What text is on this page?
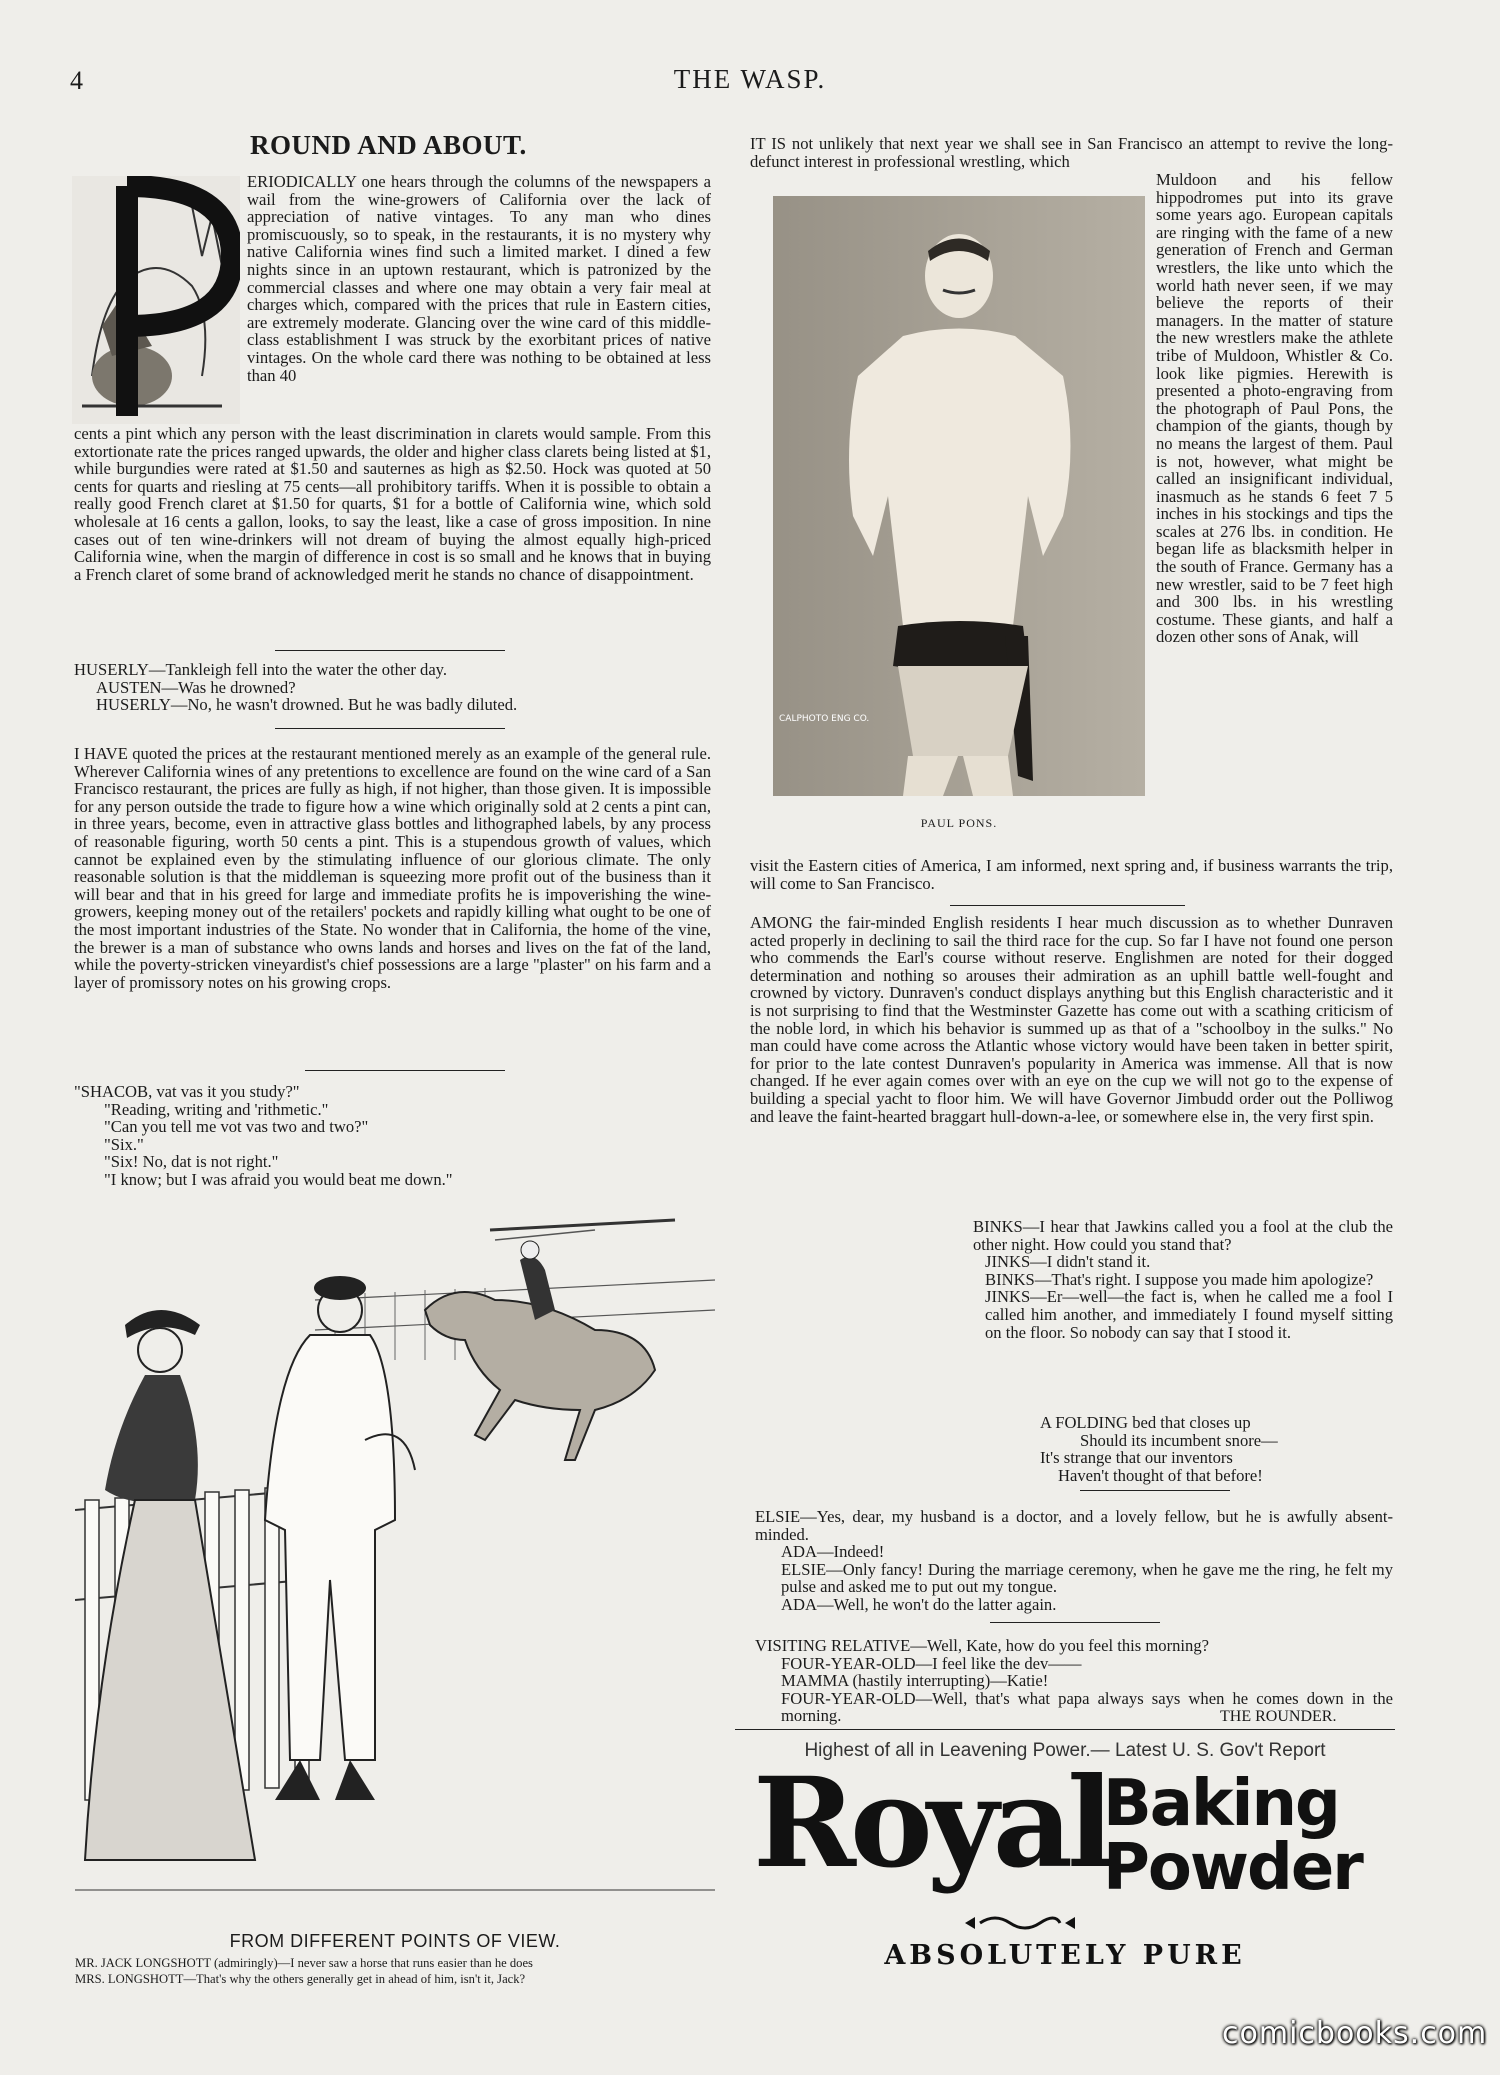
4	THE WASP.
ROUND AND ABOUT.

ERIODICALLY one hears through the columns of the newspapers a wail from the wine-growers of California over the lack of appreciation of native vintages. To any man who dines promiscuously, so to speak, in the restaurants, it is no mystery why native California wines find such a limited market. I dined a few nights since in an uptown restaurant, which is patronized by the commercial classes and where one may obtain a very fair meal at charges which, compared with the prices that rule in Eastern cities, are extremely moderate. Glancing over the wine card of this middle-class establishment I was struck by the exorbitant prices of native vintages. On the whole card there was nothing to be obtained at less than 40

cents a pint which any person with the least discrimination in clarets would sample. From this extortionate rate the prices ranged upwards, the older and higher class clarets being listed at $1, while burgundies were rated at $1.50 and sauternes as high as $2.50. Hock was quoted at 50 cents for quarts and riesling at 75 cents—all prohibitory tariffs. When it is possible to obtain a really good French claret at $1.50 for quarts, $1 for a bottle of California wine, which sold wholesale at 16 cents a gallon, looks, to say the least, like a case of gross imposition. In nine cases out of ten wine-drinkers will not dream of buying the almost equally high-priced California wine, when the margin of difference in cost is so small and he knows that in buying a French claret of some brand of acknowledged merit he stands no chance of disappointment.

HUSERLY—Tankleigh fell into the water the other day.

AUSTEN—Was he drowned?

HUSERLY—No, he wasn't drowned. But he was badly diluted.

I HAVE quoted the prices at the restaurant mentioned merely as an example of the general rule. Wherever California wines of any pretentions to excellence are found on the wine card of a San Francisco restaurant, the prices are fully as high, if not higher, than those given. It is impossible for any person outside the trade to figure how a wine which originally sold at 2 cents a pint can, in three years, become, even in attractive glass bottles and lithographed labels, by any process of reasonable figuring, worth 50 cents a pint. This is a stupendous growth of values, which cannot be explained even by the stimulating influence of our glorious climate. The only reasonable solution is that the middleman is squeezing more profit out of the business than it will bear and that in his greed for large and immediate profits he is impoverishing the wine-growers, keeping money out of the retailers' pockets and rapidly killing what ought to be one of the most important industries of the State. No wonder that in California, the home of the vine, the brewer is a man of substance who owns lands and horses and lives on the fat of the land, while the poverty-stricken vineyardist's chief possessions are a large "plaster" on his farm and a layer of promissory notes on his growing crops.

"SHACOB, vat vas it you study?"

"Reading, writing and 'rithmetic."

"Can you tell me vot vas two and two?"

"Six."

"Six! No, dat is not right."

"I know; but I was afraid you would beat me down."

FROM DIFFERENT POINTS OF VIEW.
MR. JACK LONGSHOTT (admiringly)—I never saw a horse that runs easier than he does
MRS. LONGSHOTT—That's why the others generally get in ahead of him, isn't it, Jack?

IT IS not unlikely that next year we shall see in San Francisco an attempt to revive the long-defunct interest in professional wrestling, which

CALPHOTO ENG CO.
PAUL PONS.

Muldoon and his fellow hippodromes put into its grave some years ago. European capitals are ringing with the fame of a new generation of French and German wrestlers, the like unto which the world hath never seen, if we may believe the reports of their managers. In the matter of stature the new wrestlers make the athlete tribe of Muldoon, Whistler & Co. look like pigmies. Herewith is presented a photo-engraving from the photograph of Paul Pons, the champion of the giants, though by no means the largest of them. Paul is not, however, what might be called an insignificant individual, inasmuch as he stands 6 feet 7 5 inches in his stockings and tips the scales at 276 lbs. in condition. He began life as blacksmith helper in the south of France. Germany has a new wrestler, said to be 7 feet high and 300 lbs. in his wrestling costume. These giants, and half a dozen other sons of Anak, will

visit the Eastern cities of America, I am informed, next spring and, if business warrants the trip, will come to San Francisco.

AMONG the fair-minded English residents I hear much discussion as to whether Dunraven acted properly in declining to sail the third race for the cup. So far I have not found one person who commends the Earl's course without reserve. Englishmen are noted for their dogged determination and nothing so arouses their admiration as an uphill battle well-fought and crowned by victory. Dunraven's conduct displays anything but this English characteristic and it is not surprising to find that the Westminster Gazette has come out with a scathing criticism of the noble lord, in which his behavior is summed up as that of a "schoolboy in the sulks." No man could have come across the Atlantic whose victory would have been taken in better spirit, for prior to the late contest Dunraven's popularity in America was immense. All that is now changed. If he ever again comes over with an eye on the cup we will not go to the expense of building a special yacht to floor him. We will have Governor Jimbudd order out the Polliwog and leave the faint-hearted braggart hull-down-a-lee, or somewhere else in, the very first spin.

BINKS—I hear that Jawkins called you a fool at the club the other night. How could you stand that?

JINKS—I didn't stand it.

BINKS—That's right. I suppose you made him apologize?

JINKS—Er—well—the fact is, when he called me a fool I called him another, and immediately I found myself sitting on the floor. So nobody can say that I stood it.

A FOLDING bed that closes up

Should its incumbent snore—

It's strange that our inventors

Haven't thought of that before!

ELSIE—Yes, dear, my husband is a doctor, and a lovely fellow, but he is awfully absent-minded.

ADA—Indeed!

ELSIE—Only fancy! During the marriage ceremony, when he gave me the ring, he felt my pulse and asked me to put out my tongue.

ADA—Well, he won't do the latter again.

VISITING RELATIVE—Well, Kate, how do you feel this morning?

FOUR-YEAR-OLD—I feel like the dev——

MAMMA (hastily interrupting)—Katie!

FOUR-YEAR-OLD—Well, that's what papa always says when he comes down in the morning.	THE ROUNDER.
Highest of all in Leavening Power.— Latest U. S. Gov't Report
Royal
Baking
Powder
ABSOLUTELY PURE
comicbooks.com
